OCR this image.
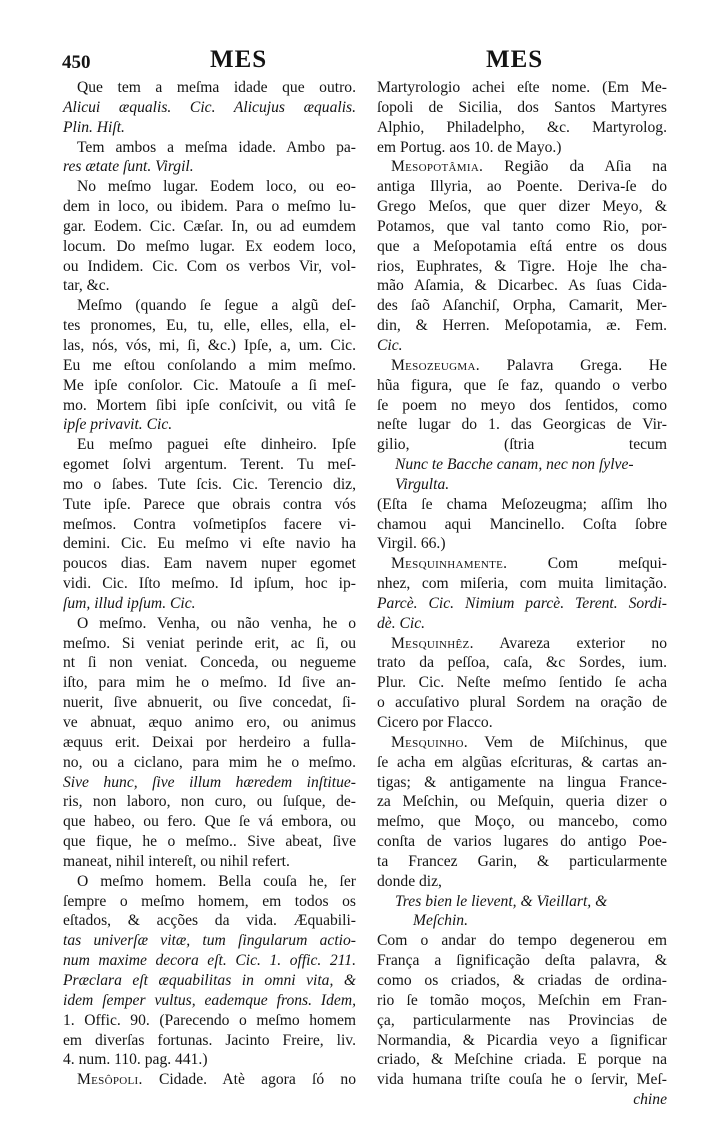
450	MES	MES
Que tem a meſma idade que outro.
Alicui æqualis. Cic. Alicujus æqualis.
Plin. Hiſt.
Tem ambos a meſma idade. Ambo pa-
res ætate ſunt. Virgil.
No meſmo lugar. Eodem loco, ou eo-
dem in loco, ou ibidem. Para o meſmo lu-
gar. Eodem. Cic. Cæſar. In, ou ad eumdem
locum. Do meſmo lugar. Ex eodem loco,
ou Indidem. Cic. Com os verbos Vir, vol-
tar, &c.
Meſmo (quando ſe ſegue a algũ deſ-
tes pronomes, Eu, tu, elle, elles, ella, el-
las, nós, vós, mi, ſi, &c.) Ipſe, a, um. Cic.
Eu me eſtou conſolando a mim meſmo.
Me ipſe conſolor. Cic. Matouſe a ſi meſ-
mo. Mortem ſibi ipſe conſcivit, ou vitâ ſe
ipſe privavit. Cic.
Eu meſmo paguei eſte dinheiro. Ipſe
egomet ſolvi argentum. Terent. Tu meſ-
mo o ſabes. Tute ſcis. Cic. Terencio diz,
Tute ipſe. Parece que obrais contra vós
meſmos. Contra voſmetipſos facere vi-
demini. Cic. Eu meſmo vi eſte navio ha
poucos dias. Eam navem nuper egomet
vidi. Cic. Iſto meſmo. Id ipſum, hoc ip-
ſum, illud ipſum. Cic.
O meſmo. Venha, ou não venha, he o
meſmo. Si veniat perinde erit, ac ſi, ou
nt ſi non veniat. Conceda, ou negueme
iſto, para mim he o meſmo. Id ſive an-
nuerit, ſive abnuerit, ou ſive concedat, ſi-
ve abnuat, æquo animo ero, ou animus
æquus erit. Deixai por herdeiro a fulla-
no, ou a ciclano, para mim he o meſmo.
Sive hunc, ſive illum hæredem inſtitue-
ris, non laboro, non curo, ou ſuſque, de-
que habeo, ou fero. Que ſe vá embora, ou
que fique, he o meſmo.. Sive abeat, ſive
maneat, nihil intereſt, ou nihil refert.
O meſmo homem. Bella couſa he, ſer
ſempre o meſmo homem, em todos os
eſtados, & acções da vida. Æquabili-
tas univerſæ vitæ, tum ſingularum actio-
num maxime decora eſt. Cic. 1. offic. 211.
Præclara eſt æquabilitas in omni vita, &
idem ſemper vultus, eademque frons. Idem,
1. Offic. 90. (Parecendo o meſmo homem
em diverſas fortunas. Jacinto Freire, liv.
4. num. 110. pag. 441.)
Mesôpoli. Cidade. Atè agora ſó no
Martyrologio achei eſte nome. (Em Me-
ſopoli de Sicilia, dos Santos Martyres
Alphio, Philadelpho, &c. Martyrolog.
em Portug. aos 10. de Mayo.)
Mesopotâmia. Região da Aſia na
antiga Illyria, ao Poente. Deriva-ſe do
Grego Meſos, que quer dizer Meyo, &
Potamos, que val tanto como Rio, por-
que a Meſopotamia eſtá entre os dous
rios, Euphrates, & Tigre. Hoje lhe cha-
mão Aſamia, & Dicarbec. As ſuas Cida-
des ſaõ Aſanchiſ, Orpha, Camarit, Mer-
din, & Herren. Meſopotamia, æ. Fem.
Cic.
Mesozeugma. Palavra Grega. He
hũa figura, que ſe faz, quando o verbo
ſe poem no meyo dos ſentidos, como
neſte lugar do 1. das Georgicas de Vir-
gilio, (ſtria tecum
Nunc te Bacche canam, nec non ſylve-
Virgulta.
(Eſta ſe chama Meſozeugma; aſſim lho
chamou aqui Mancinello. Coſta ſobre
Virgil. 66.)
Mesquinhamente. Com meſqui-
nhez, com miſeria, com muita limitação.
Parcè. Cic. Nimium parcè. Terent. Sordi-
dè. Cic.
Mesquinhêz. Avareza exterior no
trato da peſſoa, caſa, &c Sordes, ium.
Plur. Cic. Neſte meſmo ſentido ſe acha
o accuſativo plural Sordem na oração de
Cicero por Flacco.
Mesquinho. Vem de Miſchinus, que
ſe acha em algũas eſcrituras, & cartas an-
tigas; & antigamente na lingua France-
za Meſchin, ou Meſquin, queria dizer o
meſmo, que Moço, ou mancebo, como
conſta de varios lugares do antigo Poe-
ta Francez Garin, & particularmente
donde diz,
Tres bien le lievent, & Vieillart, &
Meſchin.
Com o andar do tempo degenerou em
França a ſignificação deſta palavra, &
como os criados, & criadas de ordina-
rio ſe tomão moços, Meſchin em Fran-
ça, particularmente nas Provincias de
Normandia, & Picardia veyo a ſignificar
criado, & Meſchine criada. E porque na
vida humana triſte couſa he o ſervir, Meſ-
chine
